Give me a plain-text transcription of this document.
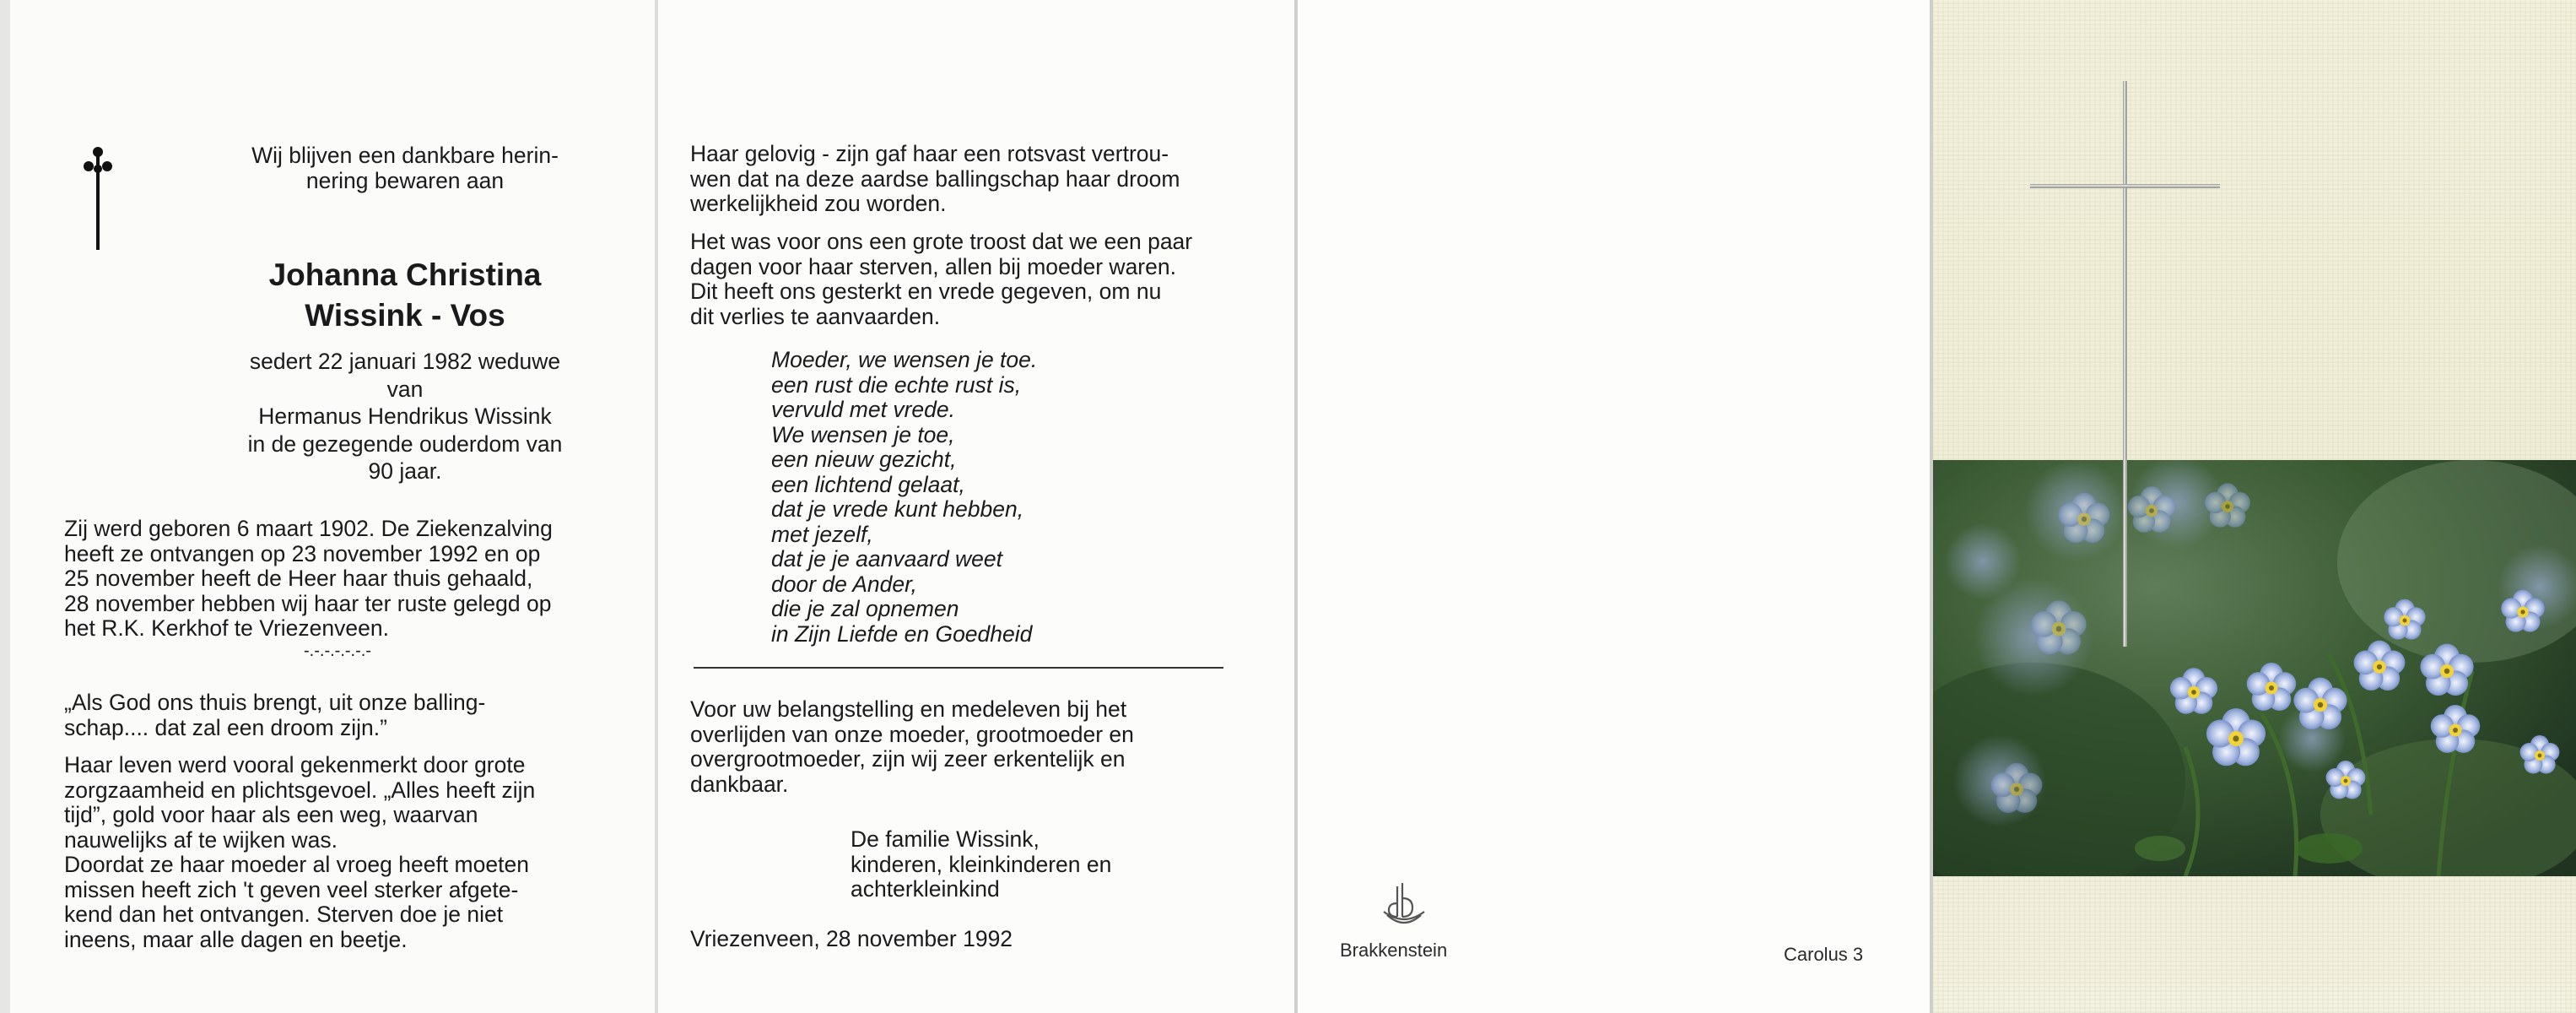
Wij blijven een dankbare herin-
nering bewaren aan

Johanna Christina
Wissink - Vos

sedert 22 januari 1982 weduwe
van
Hermanus Hendrikus Wissink
in de gezegende ouderdom van
90 jaar.

Zij werd geboren 6 maart 1902. De Ziekenzalving
heeft ze ontvangen op 23 november 1992 en op
25 november heeft de Heer haar thuis gehaald,
28 november hebben wij haar ter ruste gelegd op
het R.K. Kerkhof te Vriezenveen.

-.-.-.-.-.-.-

„Als God ons thuis brengt, uit onze balling-
schap.... dat zal een droom zijn.”

Haar leven werd vooral gekenmerkt door grote
zorgzaamheid en plichtsgevoel. „Alles heeft zijn
tijd”, gold voor haar als een weg, waarvan
nauwelijks af te wijken was.
Doordat ze haar moeder al vroeg heeft moeten
missen heeft zich 't geven veel sterker afgete-
kend dan het ontvangen. Sterven doe je niet
ineens, maar alle dagen en beetje.

Haar gelovig - zijn gaf haar een rotsvast vertrou-
wen dat na deze aardse ballingschap haar droom
werkelijkheid zou worden.

Het was voor ons een grote troost dat we een paar
dagen voor haar sterven, allen bij moeder waren.
Dit heeft ons gesterkt en vrede gegeven, om nu
dit verlies te aanvaarden.

Moeder, we wensen je toe.
een rust die echte rust is,
vervuld met vrede.
We wensen je toe,
een nieuw gezicht,
een lichtend gelaat,
dat je vrede kunt hebben,
met jezelf,
dat je je aanvaard weet
door de Ander,
die je zal opnemen
in Zijn Liefde en Goedheid

Voor uw belangstelling en medeleven bij het
overlijden van onze moeder, grootmoeder en
overgrootmoeder, zijn wij zeer erkentelijk en
dankbaar.

De familie Wissink,
kinderen, kleinkinderen en
achterkleinkind

Vriezenveen, 28 november 1992	Brakkenstein	Carolus 3
